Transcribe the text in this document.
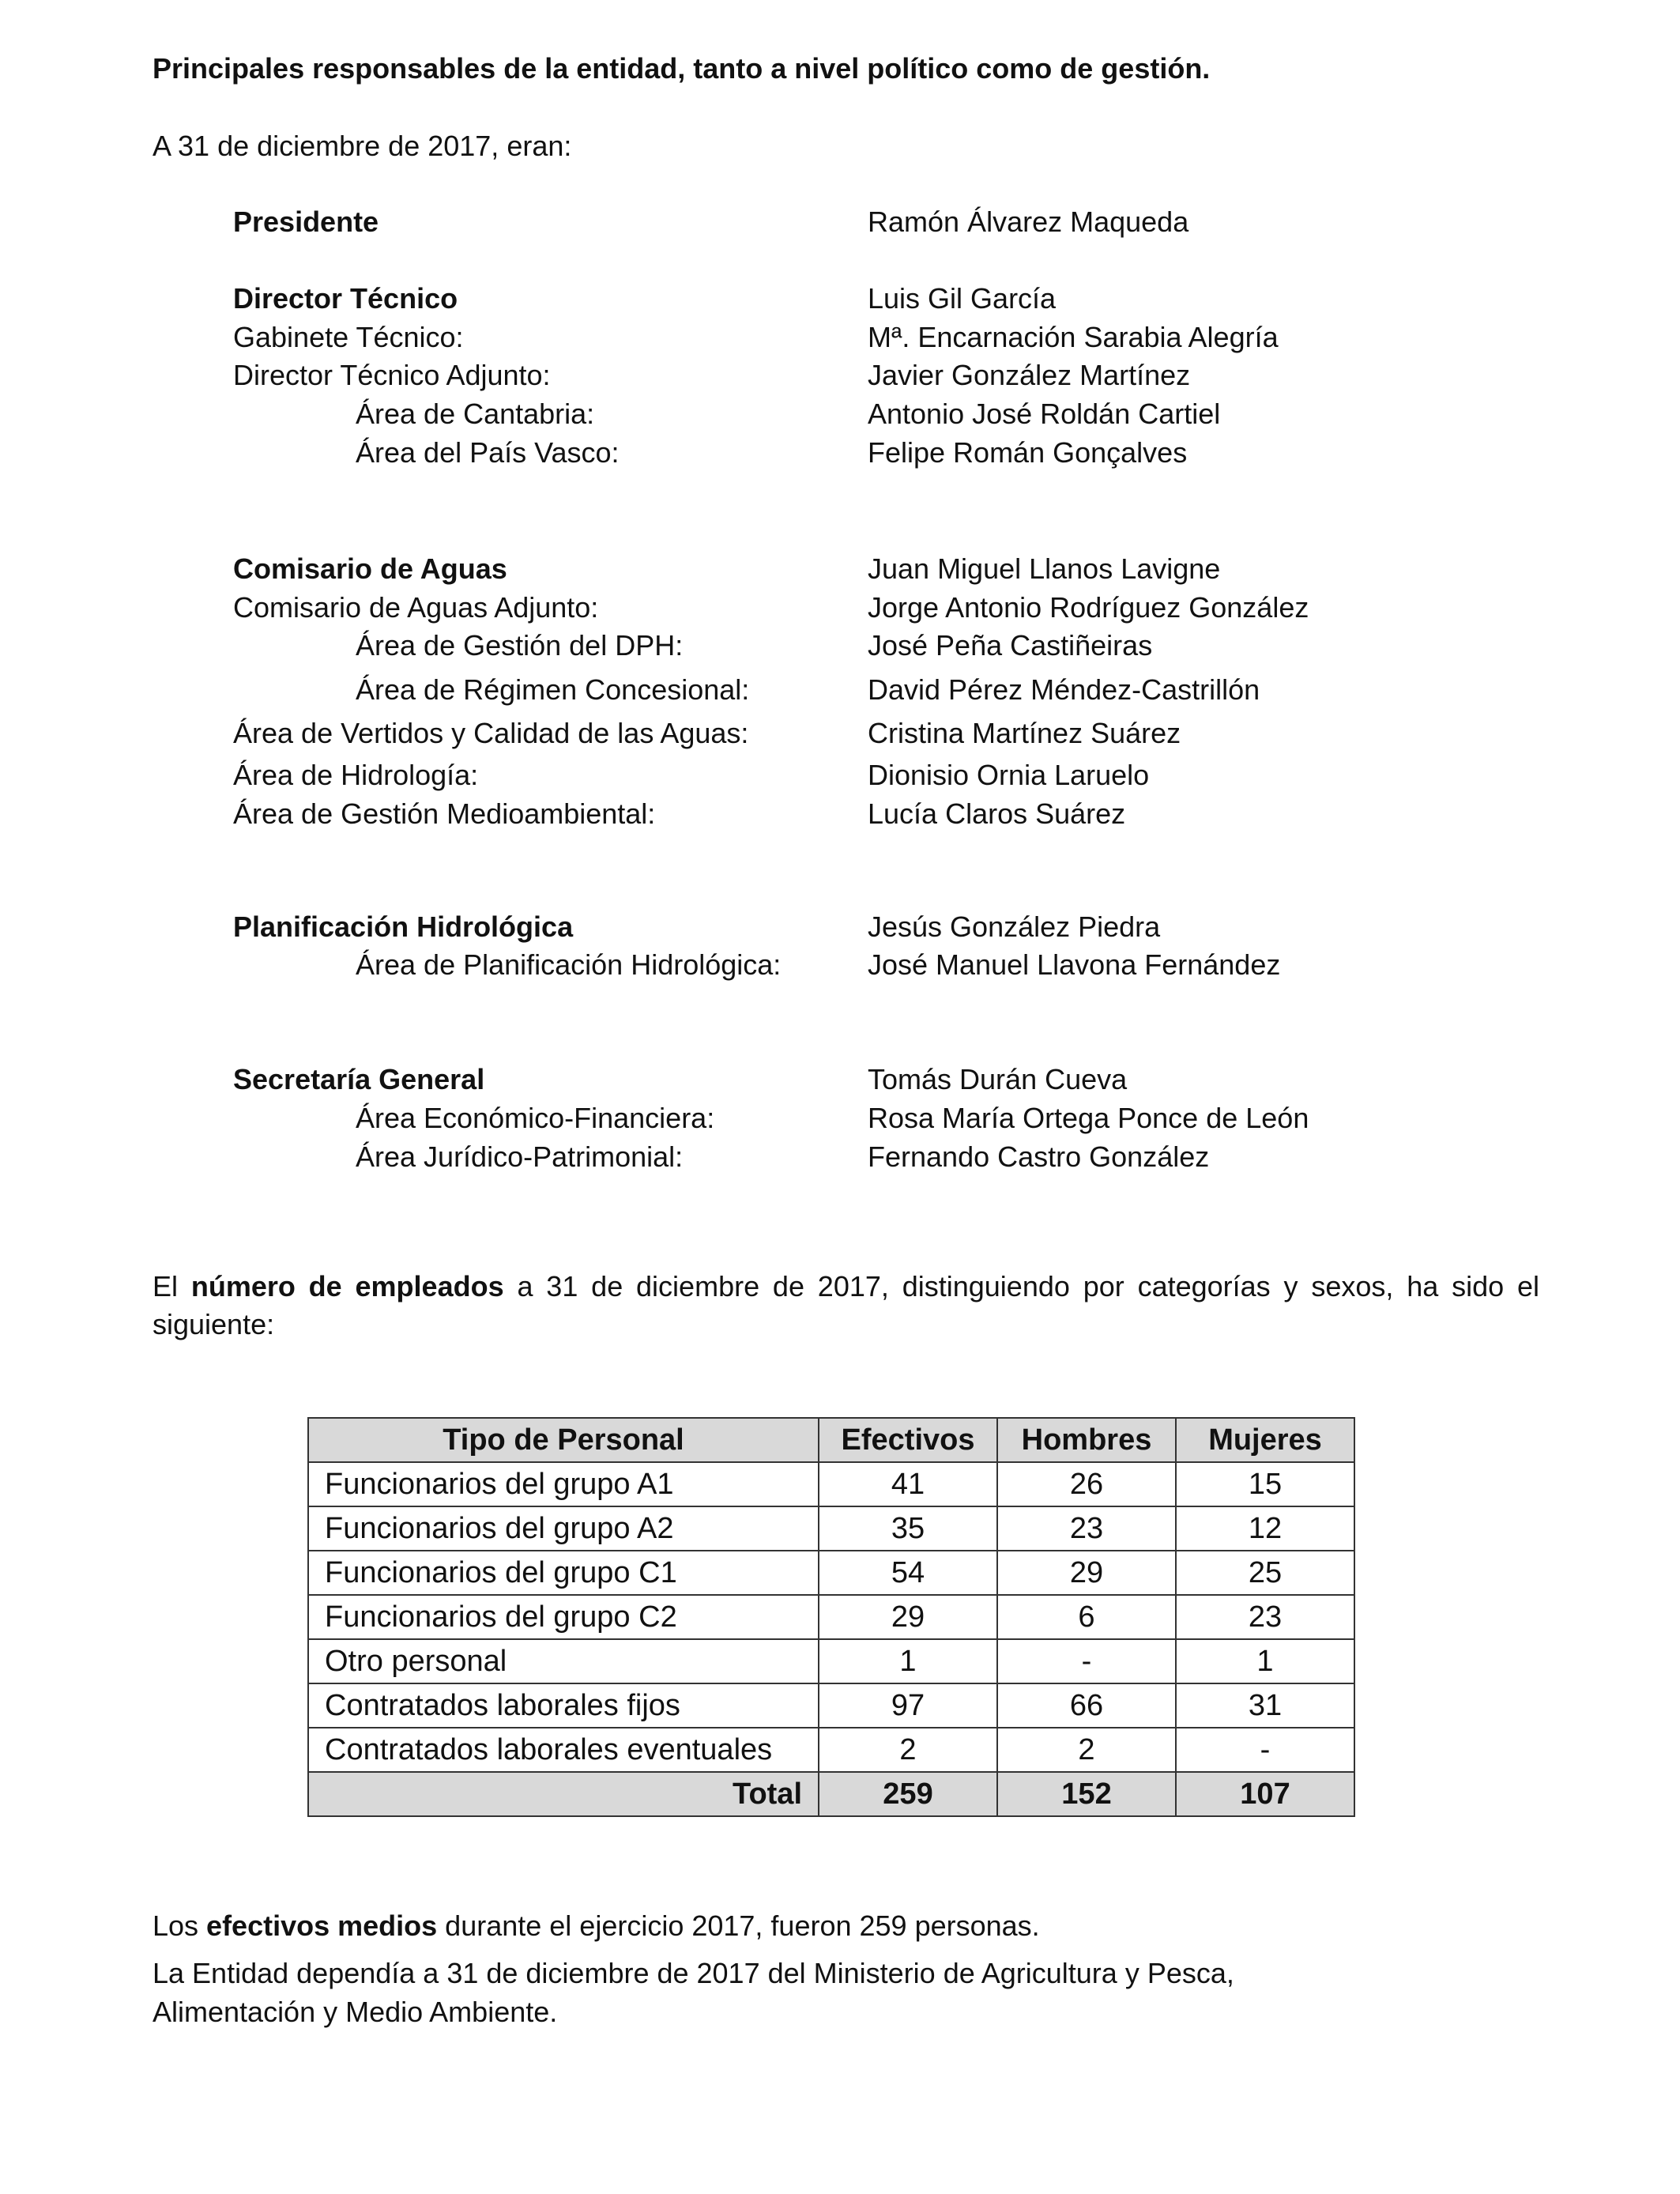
Principales responsables de la entidad, tanto a nivel político como de gestión.
A 31 de diciembre de 2017, eran:
Presidente	Ramón Álvarez Maqueda
Director Técnico	Luis Gil García
Gabinete Técnico:	Mª. Encarnación Sarabia Alegría
Director Técnico Adjunto:	Javier González Martínez
Área de Cantabria:	Antonio José Roldán Cartiel
Área del País Vasco:	Felipe Román Gonçalves
Comisario de Aguas	Juan Miguel Llanos Lavigne
Comisario de Aguas Adjunto:	Jorge Antonio Rodríguez González
Área de Gestión del DPH:	José Peña Castiñeiras
Área de Régimen Concesional:	David Pérez Méndez-Castrillón
Área de Vertidos y Calidad de las Aguas:	Cristina Martínez Suárez
Área de Hidrología:	Dionisio Ornia Laruelo
Área de Gestión Medioambiental:	Lucía Claros Suárez
Planificación Hidrológica	Jesús González Piedra
Área de Planificación Hidrológica:	José Manuel Llavona Fernández
Secretaría General	Tomás Durán Cueva
Área Económico-Financiera:	Rosa María Ortega Ponce de León
Área Jurídico-Patrimonial:	Fernando Castro González

El número de empleados a 31 de diciembre de 2017, distinguiendo por categorías y sexos, ha sido el siguiente:

Tipo de Personal	Efectivos	Hombres	Mujeres
Funcionarios del grupo A1	41	26	15
Funcionarios del grupo A2	35	23	12
Funcionarios del grupo C1	54	29	25
Funcionarios del grupo C2	29	6	23
Otro personal	1	-	1
Contratados laborales fijos	97	66	31
Contratados laborales eventuales	2	2	-
Total	259	152	107
Los efectivos medios durante el ejercicio 2017, fueron 259 personas.
La Entidad dependía a 31 de diciembre de 2017 del Ministerio de Agricultura y Pesca,
Alimentación y Medio Ambiente.
